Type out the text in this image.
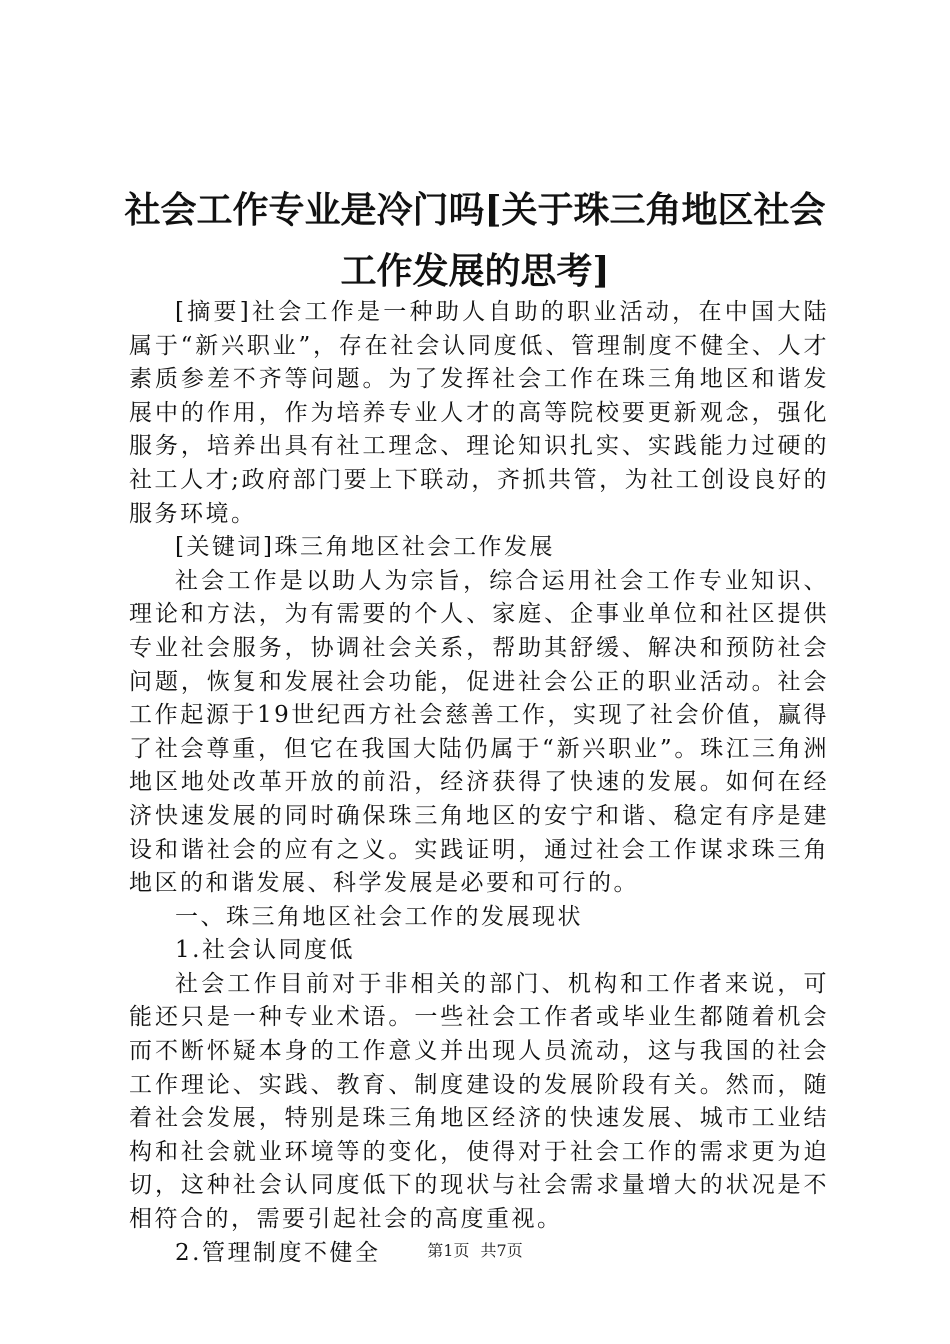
社会工作专业是冷门吗[关于珠三角地区社会工作发展的思考]

[摘要]社会工作是一种助人自助的职业活动，在中国大陆属于“新兴职业”，存在社会认同度低、管理制度不健全、人才素质参差不齐等问题。为了发挥社会工作在珠三角地区和谐发展中的作用，作为培养专业人才的高等院校要更新观念，强化服务，培养出具有社工理念、理论知识扎实、实践能力过硬的社工人才;政府部门要上下联动，齐抓共管，为社工创设良好的服务环境。

[关键词]珠三角地区社会工作发展

社会工作是以助人为宗旨，综合运用社会工作专业知识、理论和方法，为有需要的个人、家庭、企事业单位和社区提供专业社会服务，协调社会关系，帮助其舒缓、解决和预防社会问题，恢复和发展社会功能，促进社会公正的职业活动。社会工作起源于19世纪西方社会慈善工作，实现了社会价值，赢得了社会尊重，但它在我国大陆仍属于“新兴职业”。珠江三角洲地区地处改革开放的前沿，经济获得了快速的发展。如何在经济快速发展的同时确保珠三角地区的安宁和谐、稳定有序是建设和谐社会的应有之义。实践证明，通过社会工作谋求珠三角地区的和谐发展、科学发展是必要和可行的。

一、珠三角地区社会工作的发展现状

1.社会认同度低

社会工作目前对于非相关的部门、机构和工作者来说，可能还只是一种专业术语。一些社会工作者或毕业生都随着机会而不断怀疑本身的工作意义并出现人员流动，这与我国的社会工作理论、实践、教育、制度建设的发展阶段有关。然而，随着社会发展，特别是珠三角地区经济的快速发展、城市工业结构和社会就业环境等的变化，使得对于社会工作的需求更为迫切，这种社会认同度低下的现状与社会需求量增大的状况是不相符合的，需要引起社会的高度重视。

2.管理制度不健全	第1页 共7页
